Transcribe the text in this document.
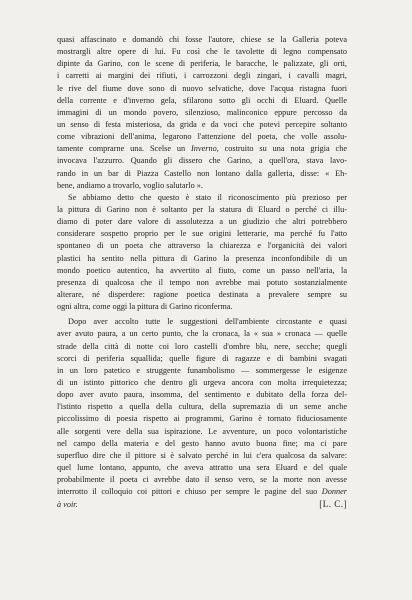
quasi affascinato e domandò chi fosse l'autore, chiese se la Galleria poteva
mostrargli altre opere di lui. Fu così che le tavolette di legno compensato
dipinte da Garino, con le scene di periferia, le baracche, le palizzate, gli orti,
i carretti ai margini dei rifiuti, i carrozzoni degli zingari, i cavalli magri,
le rive del fiume dove sono di nuovo selvatiche, dove l'acqua ristagna fuori
della corrente e d'inverno gela, sfilarono sotto gli occhi di Eluard. Quelle
immagini di un mondo povero, silenzioso, malinconico eppure percosso da
un senso di festa misteriosa, da grida e da voci che potevi percepire soltanto
come vibrazioni dell'anima, legarono l'attenzione del poeta, che volle assolu-
tamente comprarne una. Scelse un Inverno, costruito su una nota grigia che
invocava l'azzurro. Quando gli dissero che Garino, a quell'ora, stava lavo-
rando in un bar di Piazza Castello non lontano dalla galleria, disse: « Eh-
bene, andiamo a trovarlo, voglio salutarlo ».
Se abbiamo detto che questo è stato il riconoscimento più prezioso per
la pittura di Garino non è soltanto per la statura di Eluard o perché ci illu-
diamo di poter dare valore di assolutezza a un giudizio che altri potrebbero
considerare sospetto proprio per le sue origini letterarie, ma perché fu l'atto
spontaneo di un poeta che attraverso la chiarezza e l'organicità dei valori
plastici ha sentito nella pittura di Garino la presenza inconfondibile di un
mondo poetico autentico, ha avvertito al fiuto, come un passo nell'aria, la
presenza di qualcosa che il tempo non avrebbe mai potuto sostanzialmente
alterare, né disperdere: ragione poetica destinata a prevalere sempre su
ogni altra, come oggi la pittura di Garino riconferma.
Dopo aver accolto tutte le suggestioni dell'ambiente circostante e quasi
aver avuto paura, a un certo punto, che la cronaca, la « sua » cronaca — quelle
strade della città di notte coi loro castelli d'ombre blu, nere, secche; quegli
scorci di periferia squallida; quelle figure di ragazze e di bambini svagati
in un loro patetico e struggente funambolismo — sommergesse le esigenze
di un istinto pittorico che dentro gli urgeva ancora con molta irrequietezza;
dopo aver avuto paura, insomma, del sentimento e dubitato della forza del-
l'istinto rispetto a quella della cultura, della supremazia di un seme anche
piccolissimo di poesia rispetto ai programmi, Garino è tornato fiduciosamente
alle sorgenti vere della sua ispirazione. Le avventure, un poco volontaristiche
nel campo della materia e del gesto hanno avuto buona fine; ma ci pare
superfluo dire che il pittore si è salvato perché in lui c'era qualcosa da salvare:
quel lume lontano, appunto, che aveva attratto una sera Eluard e del quale
probabilmente il poeta ci avrebbe dato il senso vero, se la morte non avesse
interrotto il colloquio coi pittori e chiuso per sempre le pagine del suo Donner
à voir.	[L. C.]
